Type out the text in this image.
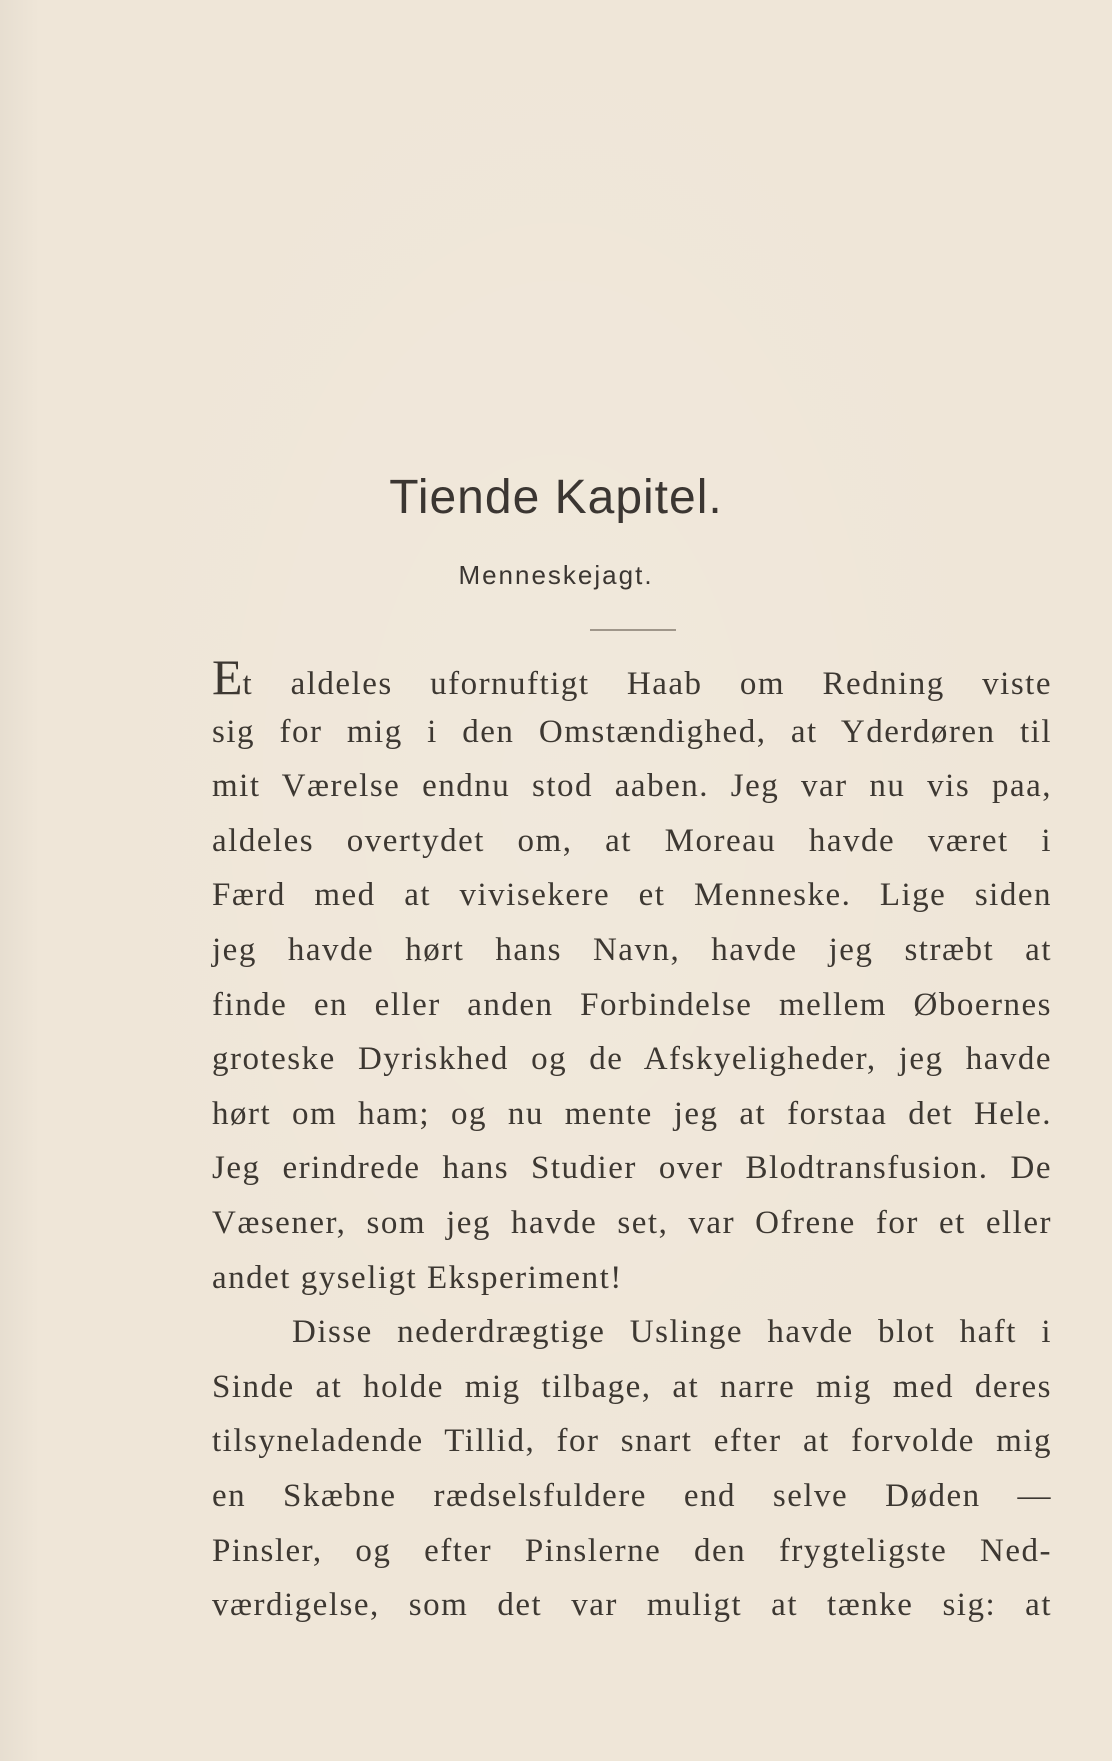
Tiende Kapitel.
Menneskejagt.
Et aldeles ufornuftigt Haab om Redning viste
sig for mig i den Omstændighed, at Yderdøren til
mit Værelse endnu stod aaben. Jeg var nu vis paa,
aldeles overtydet om, at Moreau havde været i
Færd med at vivisekere et Menneske. Lige siden
jeg havde hørt hans Navn, havde jeg stræbt at
finde en eller anden Forbindelse mellem Øboernes
groteske Dyriskhed og de Afskyeligheder, jeg havde
hørt om ham; og nu mente jeg at forstaa det Hele.
Jeg erindrede hans Studier over Blodtransfusion. De
Væsener, som jeg havde set, var Ofrene for et eller
andet gyseligt Eksperiment!
Disse nederdrægtige Uslinge havde blot haft i
Sinde at holde mig tilbage, at narre mig med deres
tilsyneladende Tillid, for snart efter at forvolde mig
en Skæbne rædselsfuldere end selve Døden —
Pinsler, og efter Pinslerne den frygteligste Ned-
værdigelse, som det var muligt at tænke sig: at
